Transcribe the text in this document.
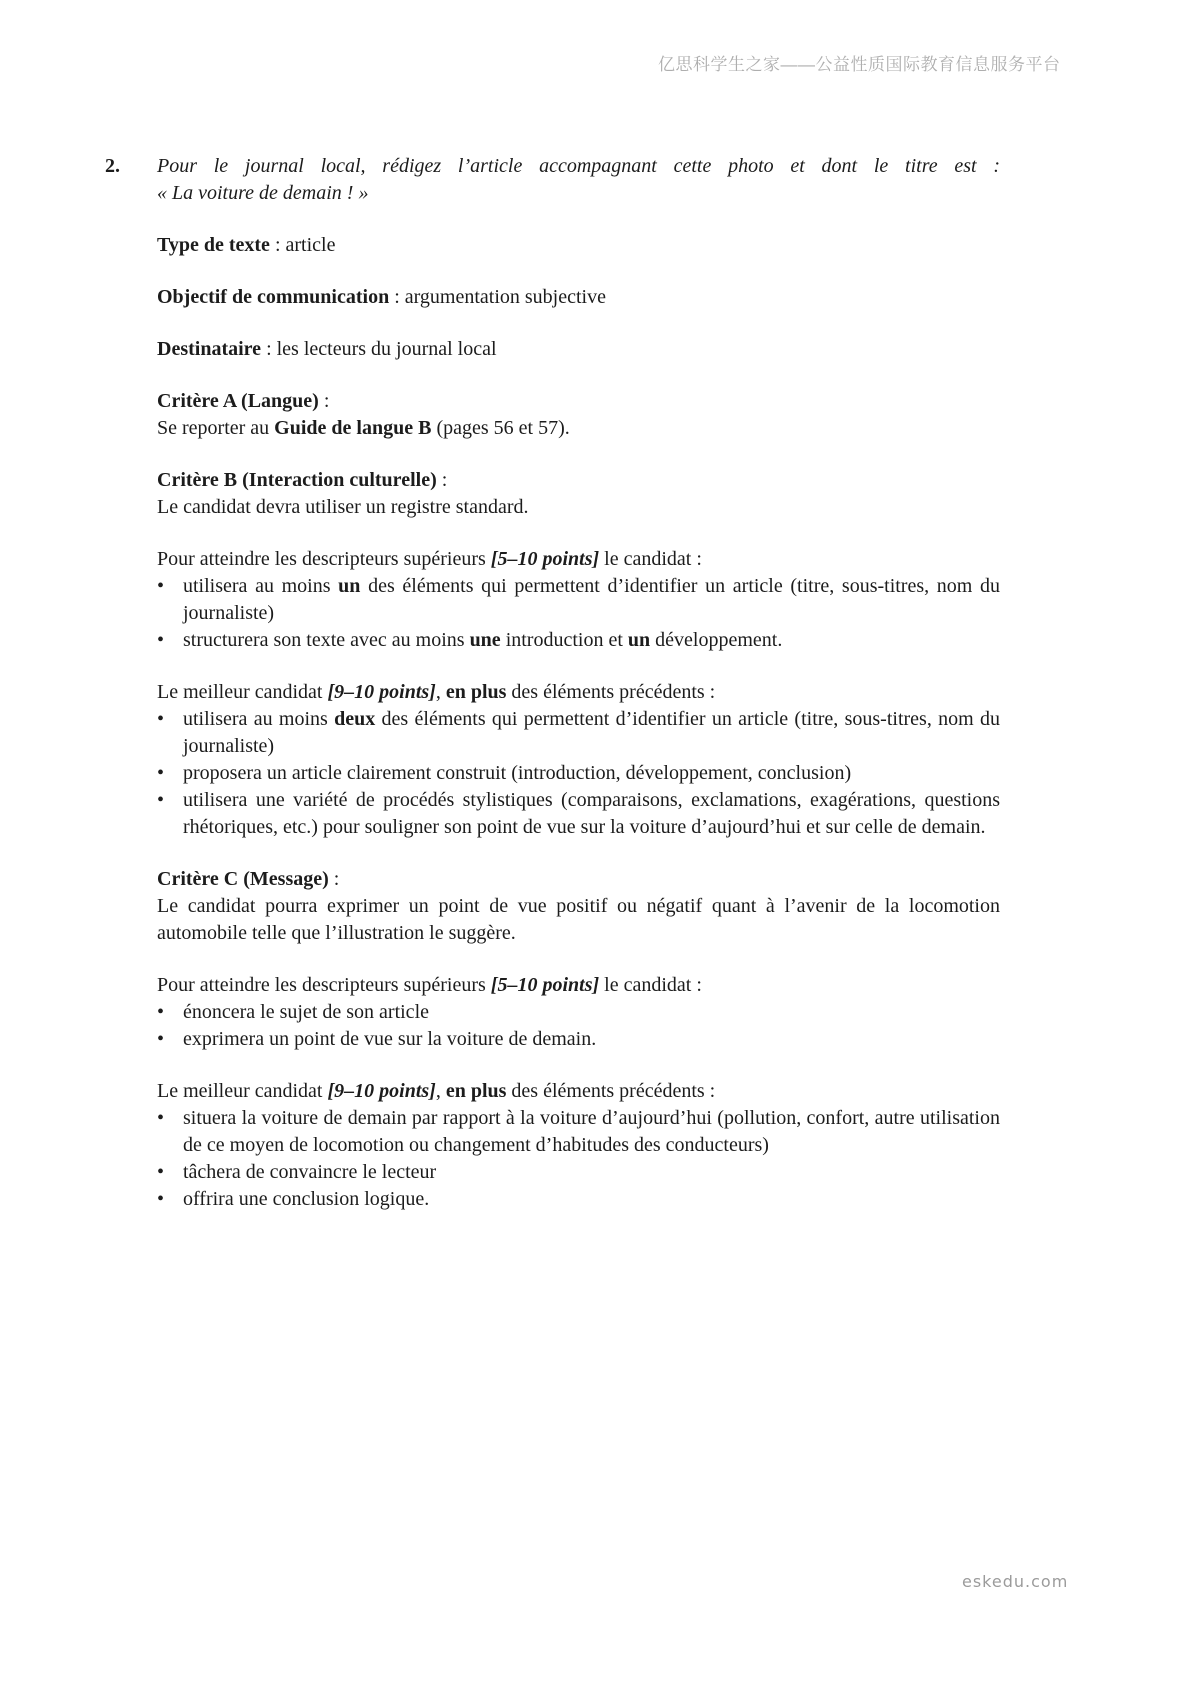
亿思科学生之家——公益性质国际教育信息服务平台
2. Pour le journal local, rédigez l’article accompagnant cette photo et dont le titre est :
« La voiture de demain ! »
Type de texte : article
Objectif de communication : argumentation subjective
Destinataire : les lecteurs du journal local
Critère A (Langue) :
Se reporter au Guide de langue B (pages 56 et 57).
Critère B (Interaction culturelle) :
Le candidat devra utiliser un registre standard.
Pour atteindre les descripteurs supérieurs [5–10 points] le candidat :
• utilisera au moins un des éléments qui permettent d’identifier un article (titre, sous-titres, nom du journaliste)
• structurera son texte avec au moins une introduction et un développement.
Le meilleur candidat [9–10 points], en plus des éléments précédents :
• utilisera au moins deux des éléments qui permettent d’identifier un article (titre, sous-titres, nom du journaliste)
• proposera un article clairement construit (introduction, développement, conclusion)
• utilisera une variété de procédés stylistiques (comparaisons, exclamations, exagérations, questions rhétoriques, etc.) pour souligner son point de vue sur la voiture d’aujourd’hui et sur celle de demain.
Critère C (Message) :
Le candidat pourra exprimer un point de vue positif ou négatif quant à l’avenir de la locomotion automobile telle que l’illustration le suggère.
Pour atteindre les descripteurs supérieurs [5–10 points] le candidat :
• énoncera le sujet de son article
• exprimera un point de vue sur la voiture de demain.
Le meilleur candidat [9–10 points], en plus des éléments précédents :
• situera la voiture de demain par rapport à la voiture d’aujourd’hui (pollution, confort, autre utilisation de ce moyen de locomotion ou changement d’habitudes des conducteurs)
• tâchera de convaincre le lecteur
• offrira une conclusion logique.
eskedu.com
